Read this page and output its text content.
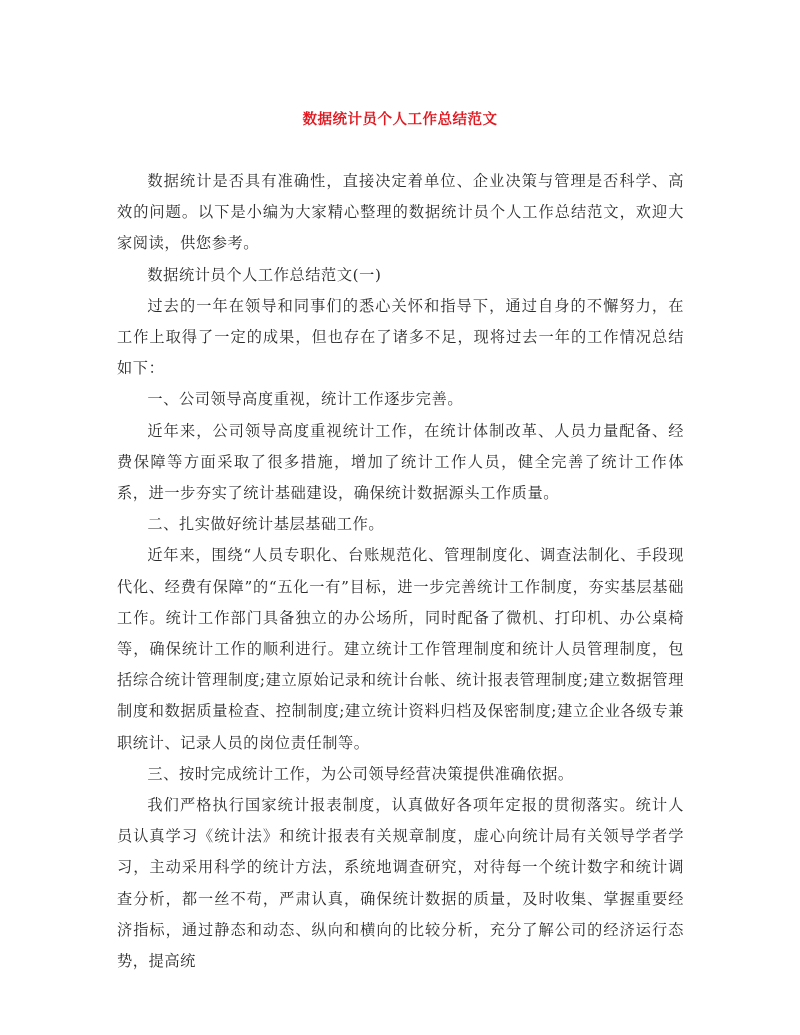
数据统计员个人工作总结范文

数据统计是否具有准确性，直接决定着单位、企业决策与管理是否科学、高效的问题。以下是小编为大家精心整理的数据统计员个人工作总结范文，欢迎大家阅读，供您参考。

数据统计员个人工作总结范文(一)

过去的一年在领导和同事们的悉心关怀和指导下，通过自身的不懈努力，在工作上取得了一定的成果，但也存在了诸多不足，现将过去一年的工作情况总结如下：

一、公司领导高度重视，统计工作逐步完善。

近年来，公司领导高度重视统计工作，在统计体制改革、人员力量配备、经费保障等方面采取了很多措施，增加了统计工作人员，健全完善了统计工作体系，进一步夯实了统计基础建设，确保统计数据源头工作质量。

二、扎实做好统计基层基础工作。

近年来，围绕“人员专职化、台账规范化、管理制度化、调查法制化、手段现代化、经费有保障”的“五化一有”目标，进一步完善统计工作制度，夯实基层基础工作。统计工作部门具备独立的办公场所，同时配备了微机、打印机、办公桌椅等，确保统计工作的顺利进行。建立统计工作管理制度和统计人员管理制度，包括综合统计管理制度;建立原始记录和统计台帐、统计报表管理制度;建立数据管理制度和数据质量检查、控制制度;建立统计资料归档及保密制度;建立企业各级专兼职统计、记录人员的岗位责任制等。

三、按时完成统计工作，为公司领导经营决策提供准确依据。

我们严格执行国家统计报表制度，认真做好各项年定报的贯彻落实。统计人员认真学习《统计法》和统计报表有关规章制度，虚心向统计局有关领导学者学习，主动采用科学的统计方法，系统地调查研究，对待每一个统计数字和统计调查分析，都一丝不苟，严肃认真，确保统计数据的质量，及时收集、掌握重要经济指标，通过静态和动态、纵向和横向的比较分析，充分了解公司的经济运行态势，提高统
